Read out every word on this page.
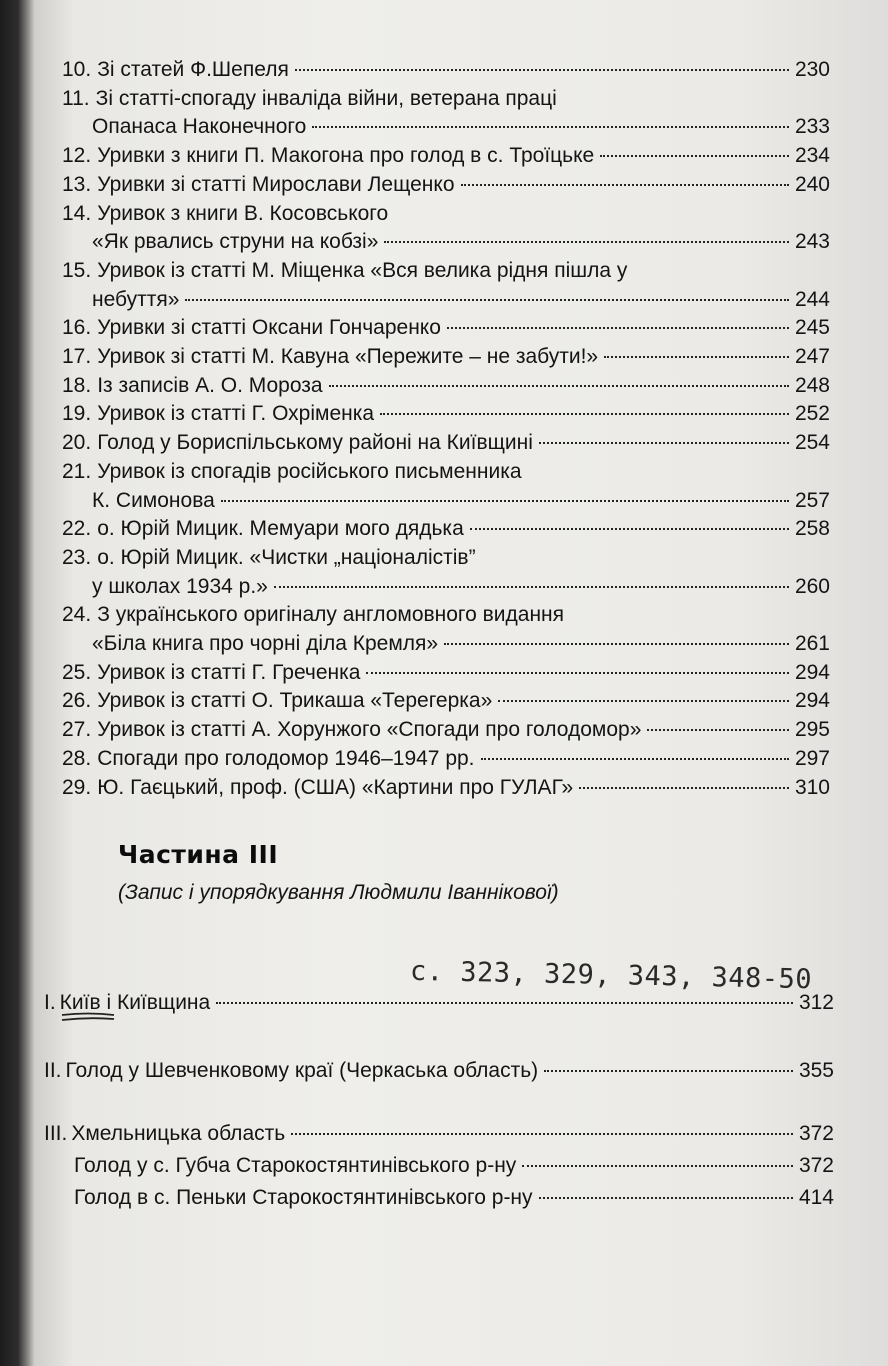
10. Зі статей Ф.Шепеля	230
11. Зі статті-спогаду інваліда війни, ветерана праці
Опанаса Наконечного	233
12. Уривки з книги П. Макогона про голод в с. Троїцьке	234
13. Уривки зі статті Мирослави Лещенко	240
14. Уривок з книги В. Косовського
«Як рвались струни на кобзі»	243
15. Уривок із статті М. Міщенка «Вся велика рідня пішла у
небуття»	244
16. Уривки зі статті Оксани Гончаренко	245
17. Уривок зі статті М. Кавуна «Пережите – не забути!»	247
18. Із записів А. О. Мороза	248
19. Уривок із статті Г. Охріменка	252
20. Голод у Бориспільському районі на Київщині	254
21. Уривок із спогадів російського письменника
К. Симонова	257
22. о. Юрій Мицик. Мемуари мого дядька	258
23. о. Юрій Мицик. «Чистки „націоналістів”
у школах 1934 р.»	260
24. З українського оригіналу англомовного видання
«Біла книга про чорні діла Кремля»	261
25. Уривок із статті Г. Греченка	294
26. Уривок із статті О. Трикаша «Терегерка»	294
27. Уривок із статті А. Хорунжого «Спогади про голодомор»	295
28. Спогади про голодомор 1946–1947 рр.	297
29. Ю. Гаєцький, проф. (США) «Картини про ГУЛАГ»	310
Частина III
(Запис і упорядкування Людмили Іваннікової)
с. 323, 329, 343, 348-50
I. Київ і Київщина	312
II. Голод у Шевченковому краї (Черкаська область)	355
III. Хмельницька область	372
Голод у с. Губча Старокостянтинівського р-ну	372
Голод в с. Пеньки Старокостянтинівського р-ну	414
